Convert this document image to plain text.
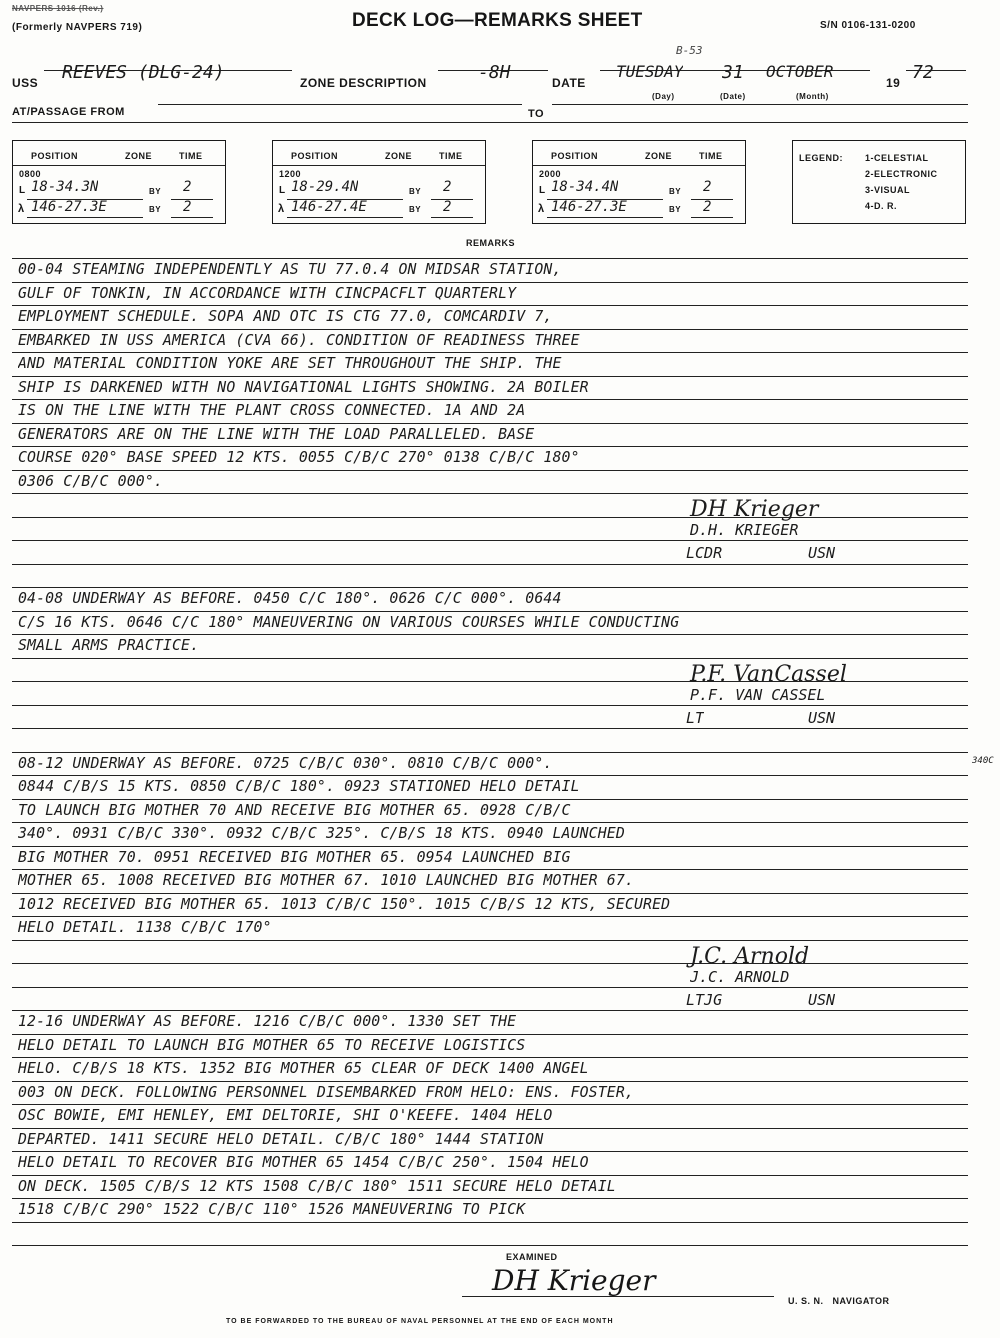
NAVPERS 1016 (Rev.)
(Formerly NAVPERS 719)	DECK LOG—REMARKS SHEET	S/N 0106-131-0200
B-53
USS REEVES (DLG-24)	ZONE DESCRIPTION	-8H	DATE
TUESDAY 31 OCTOBER
19 72
(Day)	(Date)	(Month)
AT/PASSAGE FROM	TO
POSITION	ZONE	TIME
0800
L 18-34.3N	BY 2
λ 146-27.3E	BY 2
POSITION	ZONE	TIME
1200
L 18-29.4N	BY 2
λ 146-27.4E	BY 2
POSITION	ZONE	TIME
2000
L 18-34.4N	BY 2
λ 146-27.3E	BY 2
LEGEND: 1-CELESTIAL
2-ELECTRONIC
3-VISUAL
4-D. R.
REMARKS
00-04 STEAMING INDEPENDENTLY AS TU 77.0.4 ON MIDSAR STATION,
GULF OF TONKIN, IN ACCORDANCE WITH CINCPACFLT QUARTERLY
EMPLOYMENT SCHEDULE. SOPA AND OTC IS CTG 77.0, COMCARDIV 7,
EMBARKED IN USS AMERICA (CVA 66). CONDITION OF READINESS THREE
AND MATERIAL CONDITION YOKE ARE SET THROUGHOUT THE SHIP. THE
SHIP IS DARKENED WITH NO NAVIGATIONAL LIGHTS SHOWING. 2A BOILER
IS ON THE LINE WITH THE PLANT CROSS CONNECTED. 1A AND 2A
GENERATORS ARE ON THE LINE WITH THE LOAD PARALLELED. BASE
COURSE 020° BASE SPEED 12 KTS. 0055 C/B/C 270° 0138 C/B/C 180°
0306 C/B/C 000°.
DH Krieger
D.H. KRIEGER
LCDR	USN
04-08 UNDERWAY AS BEFORE. 0450 C/C 180°. 0626 C/C 000°. 0644
C/S 16 KTS. 0646 C/C 180° MANEUVERING ON VARIOUS COURSES WHILE CONDUCTING
SMALL ARMS PRACTICE.
P.F. VanCassel
P.F. VAN CASSEL
LT	USN
08-12 UNDERWAY AS BEFORE. 0725 C/B/C 030°. 0810 C/B/C 000°.
0844 C/B/S 15 KTS. 0850 C/B/C 180°. 0923 STATIONED HELO DETAIL
TO LAUNCH BIG MOTHER 70 AND RECEIVE BIG MOTHER 65. 0928 C/B/C
340°. 0931 C/B/C 330°. 0932 C/B/C 325°. C/B/S 18 KTS. 0940 LAUNCHED
BIG MOTHER 70. 0951 RECEIVED BIG MOTHER 65. 0954 LAUNCHED BIG
MOTHER 65. 1008 RECEIVED BIG MOTHER 67. 1010 LAUNCHED BIG MOTHER 67.
1012 RECEIVED BIG MOTHER 65. 1013 C/B/C 150°. 1015 C/B/S 12 KTS, SECURED
HELO DETAIL. 1138 C/B/C 170°
340C
J.C. Arnold
J.C. ARNOLD
LTJG	USN
12-16 UNDERWAY AS BEFORE. 1216 C/B/C 000°. 1330 SET THE
HELO DETAIL TO LAUNCH BIG MOTHER 65 TO RECEIVE LOGISTICS
HELO. C/B/S 18 KTS. 1352 BIG MOTHER 65 CLEAR OF DECK 1400 ANGEL
003 ON DECK. FOLLOWING PERSONNEL DISEMBARKED FROM HELO: ENS. FOSTER,
OSC BOWIE, EMI HENLEY, EMI DELTORIE, SHI O'KEEFE. 1404 HELO
DEPARTED. 1411 SECURE HELO DETAIL. C/B/C 180° 1444 STATION
HELO DETAIL TO RECOVER BIG MOTHER 65 1454 C/B/C 250°. 1504 HELO
ON DECK. 1505 C/B/S 12 KTS 1508 C/B/C 180° 1511 SECURE HELO DETAIL
1518 C/B/C 290° 1522 C/B/C 110° 1526 MANEUVERING TO PICK
EXAMINED
DH Krieger
U. S. N.   NAVIGATOR
TO BE FORWARDED TO THE BUREAU OF NAVAL PERSONNEL AT THE END OF EACH MONTH
